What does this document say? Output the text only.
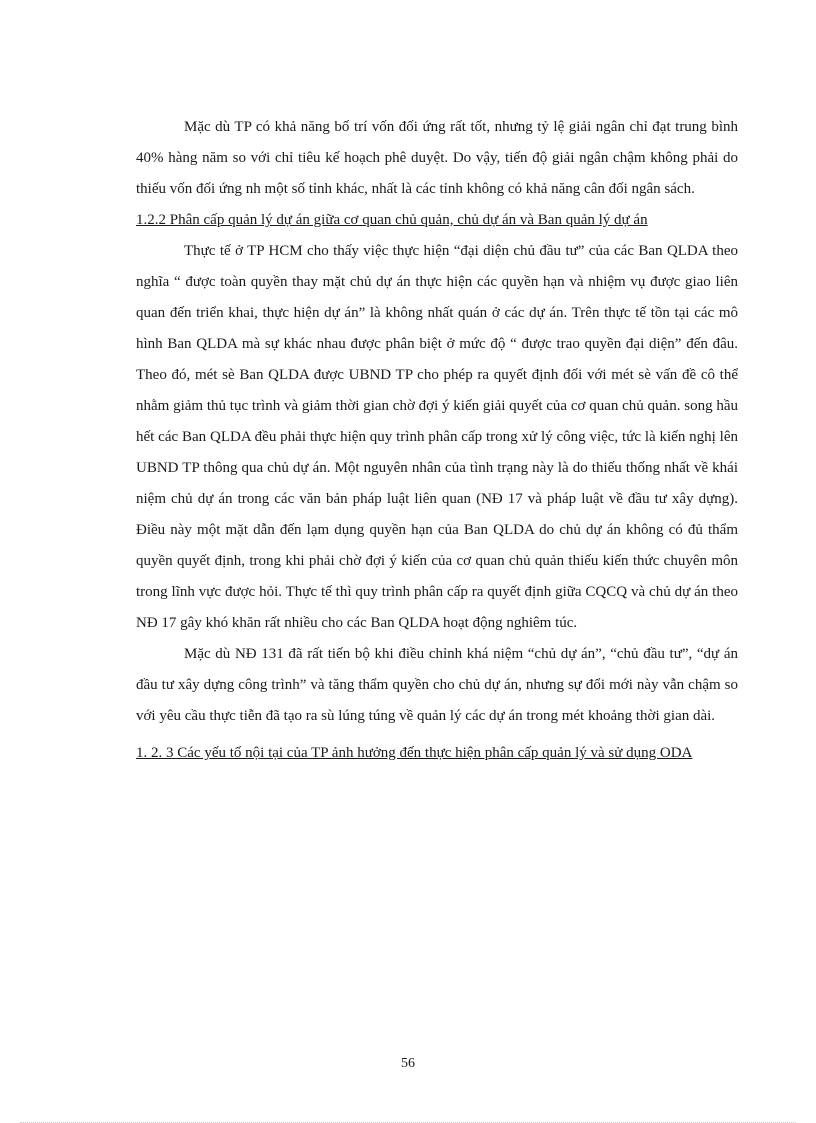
Mặc dù TP có khả năng bố trí vốn đối ứng rất tốt, nhưng tỷ lệ giải ngân chỉ đạt trung bình 40% hàng năm so với chỉ tiêu kế hoạch phê duyệt. Do vậy, tiến độ giải ngân chậm không phải do thiếu vốn đối ứng nh một số tỉnh khác, nhất là các tỉnh không có khả năng cân đối ngân sách.

1.2.2 Phân cấp quản lý dự án giữa cơ quan chủ quản, chủ dự án và Ban quản lý dự án

Thực tế ở TP HCM cho thấy việc thực hiện “đại diện chủ đầu tư” của các Ban QLDA theo nghĩa “ được toàn quyền thay mặt chủ dự án thực hiện các quyền hạn và nhiệm vụ được giao liên quan đến triển khai, thực hiện dự án” là không nhất quán ở các dự án. Trên thực tế tồn tại các mô hình Ban QLDA mà sự khác nhau được phân biệt ở mức độ “ được trao quyền đại diện” đến đâu. Theo đó, mét sè Ban QLDA được UBND TP cho phép ra quyết định đối với mét sè vấn đề cô thể nhằm giảm thủ tục trình và giảm thời gian chờ đợi ý kiến giải quyết của cơ quan chủ quản. song hầu hết các Ban QLDA đều phải thực hiện quy trình phân cấp trong xử lý công việc, tức là kiến nghị lên UBND TP thông qua chủ dự án. Một nguyên nhân của tình trạng này là do thiếu thống nhất về khái niệm chủ dự án trong các văn bản pháp luật liên quan (NĐ 17 và pháp luật về đầu tư xây dựng). Điều này một mặt dẫn đến lạm dụng quyền hạn của Ban QLDA do chủ dự án không có đủ thẩm quyền quyết định, trong khi phải chờ đợi ý kiến của cơ quan chủ quản thiếu kiến thức chuyên môn trong lĩnh vực được hỏi. Thực tế thì quy trình phân cấp ra quyết định giữa CQCQ và chủ dự án theo NĐ 17 gây khó khăn rất nhiều cho các Ban QLDA hoạt động nghiêm túc.

Mặc dù NĐ 131 đã rất tiến bộ khi điều chỉnh khá niệm “chủ dự án”, “chủ đầu tư”, “dự án đầu tư xây dựng công trình” và tăng thẩm quyền cho chủ dự án, nhưng sự đổi mới này vẫn chậm so với yêu cầu thực tiễn đã tạo ra sù lúng túng về quản lý các dự án trong mét khoảng thời gian dài.

1. 2. 3 Các yếu tố nội tại của TP ảnh hưởng đến thực hiện phân cấp quản lý và sử dụng ODA

56
